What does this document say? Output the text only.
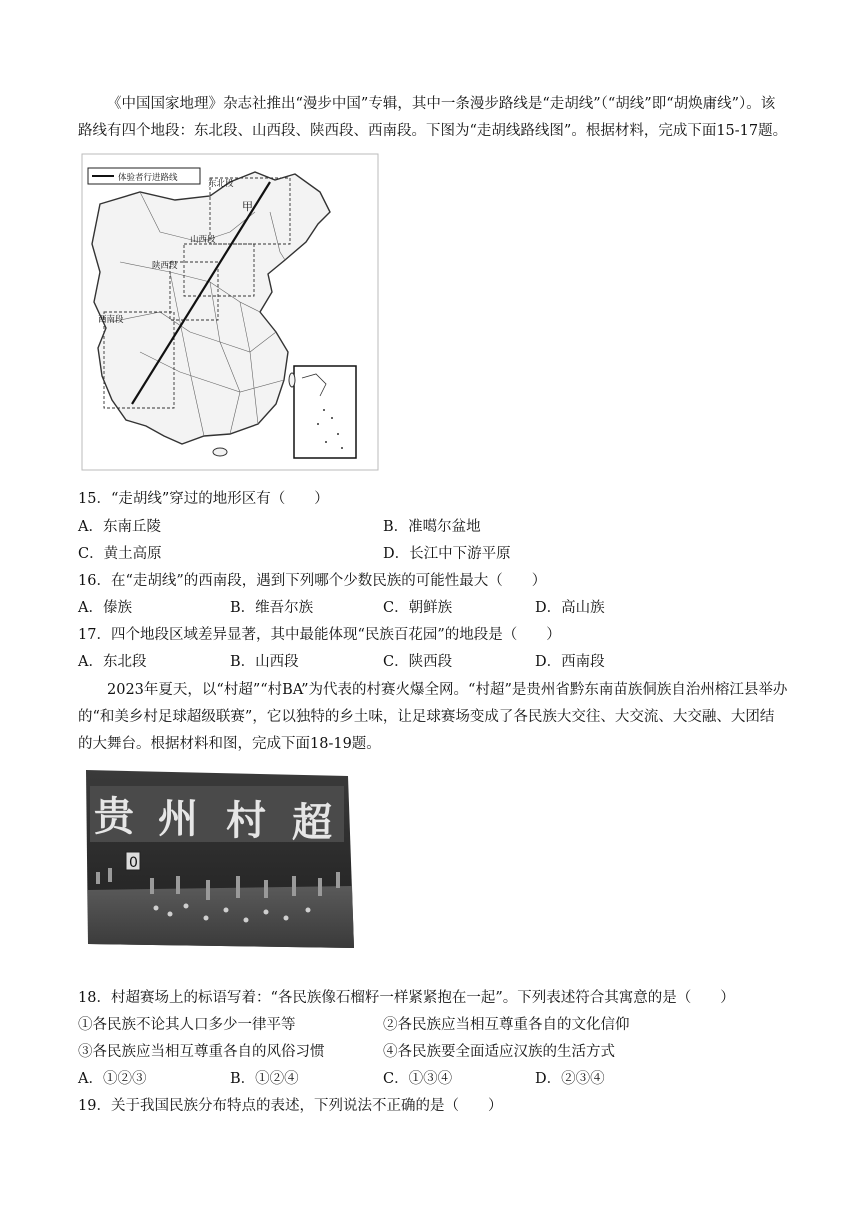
《中国国家地理》杂志社推出“漫步中国”专辑，其中一条漫步路线是“走胡线”（“胡线”即“胡焕庸线”）。该路线有四个地段：东北段、山西段、陕西段、西南段。下图为“走胡线路线图”。根据材料，完成下面15-17题。
体验者行进路线
东北段
山西段
陕西段
西南段
甲
15．“走胡线”穿过的地形区有（　　）
A．东南丘陵	B．准噶尔盆地
C．黄土高原	D．长江中下游平原
16．在“走胡线”的西南段，遇到下列哪个少数民族的可能性最大（　　）
A．傣族	B．维吾尔族	C．朝鲜族	D．高山族
17．四个地段区域差异显著，其中最能体现“民族百花园”的地段是（　　）
A．东北段	B．山西段	C．陕西段	D．西南段
2023年夏天，以“村超”“村BA”为代表的村赛火爆全网。“村超”是贵州省黔东南苗族侗族自治州榕江县举办的“和美乡村足球超级联赛”，它以独特的乡土味，让足球赛场变成了各民族大交往、大交流、大交融、大团结的大舞台。根据材料和图，完成下面18-19题。
贵 州 村 超
0
18．村超赛场上的标语写着：“各民族像石榴籽一样紧紧抱在一起”。下列表述符合其寓意的是（　　）
①各民族不论其人口多少一律平等	②各民族应当相互尊重各自的文化信仰
③各民族应当相互尊重各自的风俗习惯	④各民族要全面适应汉族的生活方式
A．①②③	B．①②④	C．①③④	D．②③④
19．关于我国民族分布特点的表述，下列说法不正确的是（　　）
